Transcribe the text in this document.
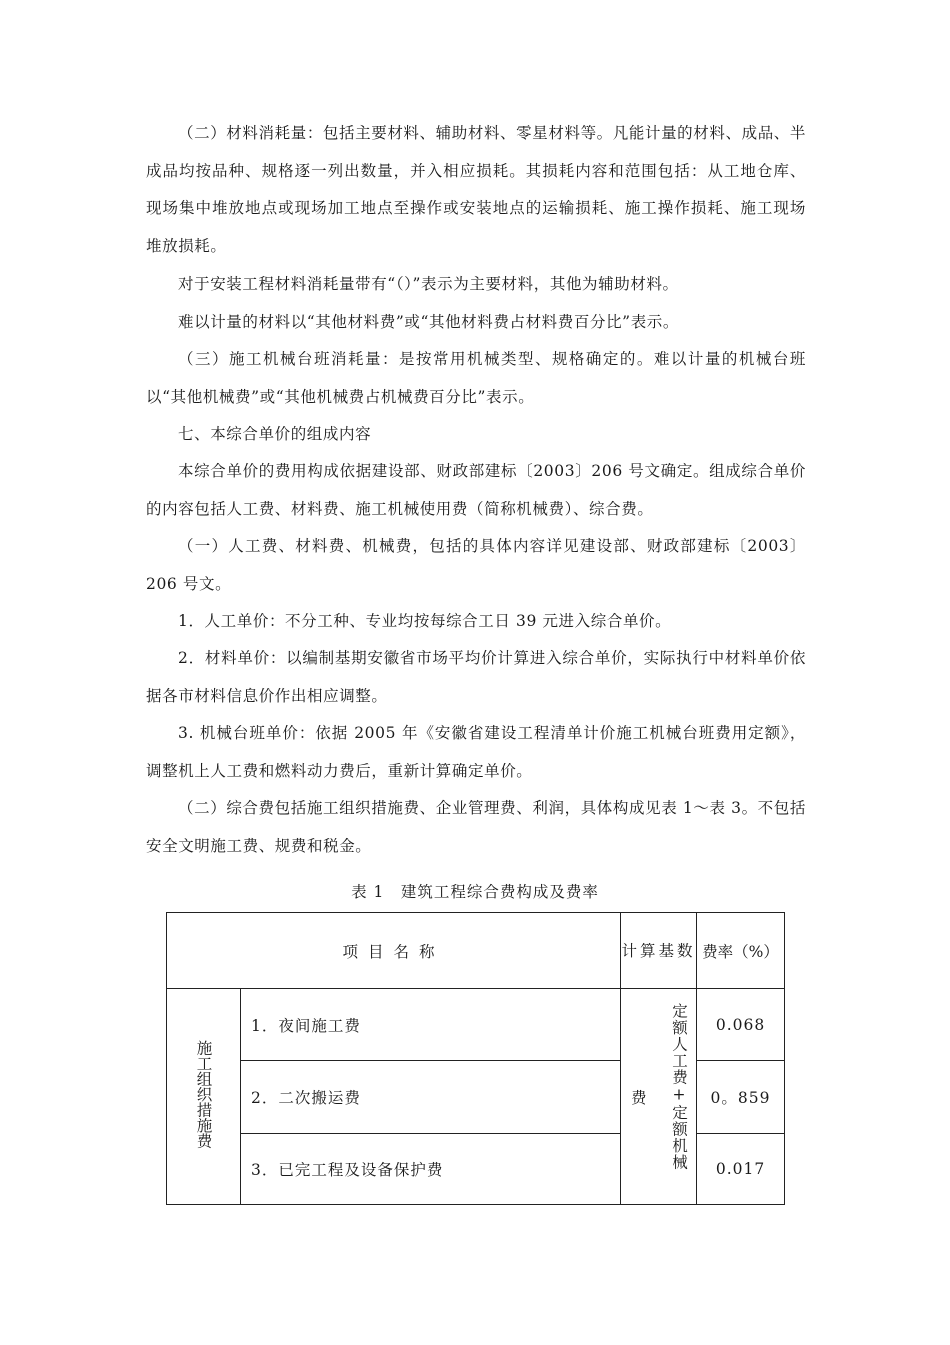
（二）材料消耗量：包括主要材料、辅助材料、零星材料等。凡能计量的材料、成品、半成品均按品种、规格逐一列出数量，并入相应损耗。其损耗内容和范围包括：从工地仓库、现场集中堆放地点或现场加工地点至操作或安装地点的运输损耗、施工操作损耗、施工现场堆放损耗。

对于安装工程材料消耗量带有“（）”表示为主要材料，其他为辅助材料。

难以计量的材料以“其他材料费”或“其他材料费占材料费百分比”表示。

（三）施工机械台班消耗量：是按常用机械类型、规格确定的。难以计量的机械台班以“其他机械费”或“其他机械费占机械费百分比”表示。

七、本综合单价的组成内容

本综合单价的费用构成依据建设部、财政部建标〔2003〕206 号文确定。组成综合单价的内容包括人工费、材料费、施工机械使用费（简称机械费）、综合费。

（一）人工费、材料费、机械费，包括的具体内容详见建设部、财政部建标〔2003〕206 号文。

1．人工单价：不分工种、专业均按每综合工日 39 元进入综合单价。

2．材料单价：以编制基期安徽省市场平均价计算进入综合单价，实际执行中材料单价依据各市材料信息价作出相应调整。

3. 机械台班单价：依据 2005 年《安徽省建设工程清单计价施工机械台班费用定额》，调整机上人工费和燃料动力费后，重新计算确定单价。

（二）综合费包括施工组织措施费、企业管理费、利润，具体构成见表 1～表 3。不包括安全文明施工费、规费和税金。

表 1　建筑工程综合费构成及费率
项目名称		计算基数	费率（%）
施工组织措施费	1．夜间施工费	费 定额人工费+定额机械	0.068
	2．二次搬运费		0。859
	3．已完工程及设备保护费		0.017
